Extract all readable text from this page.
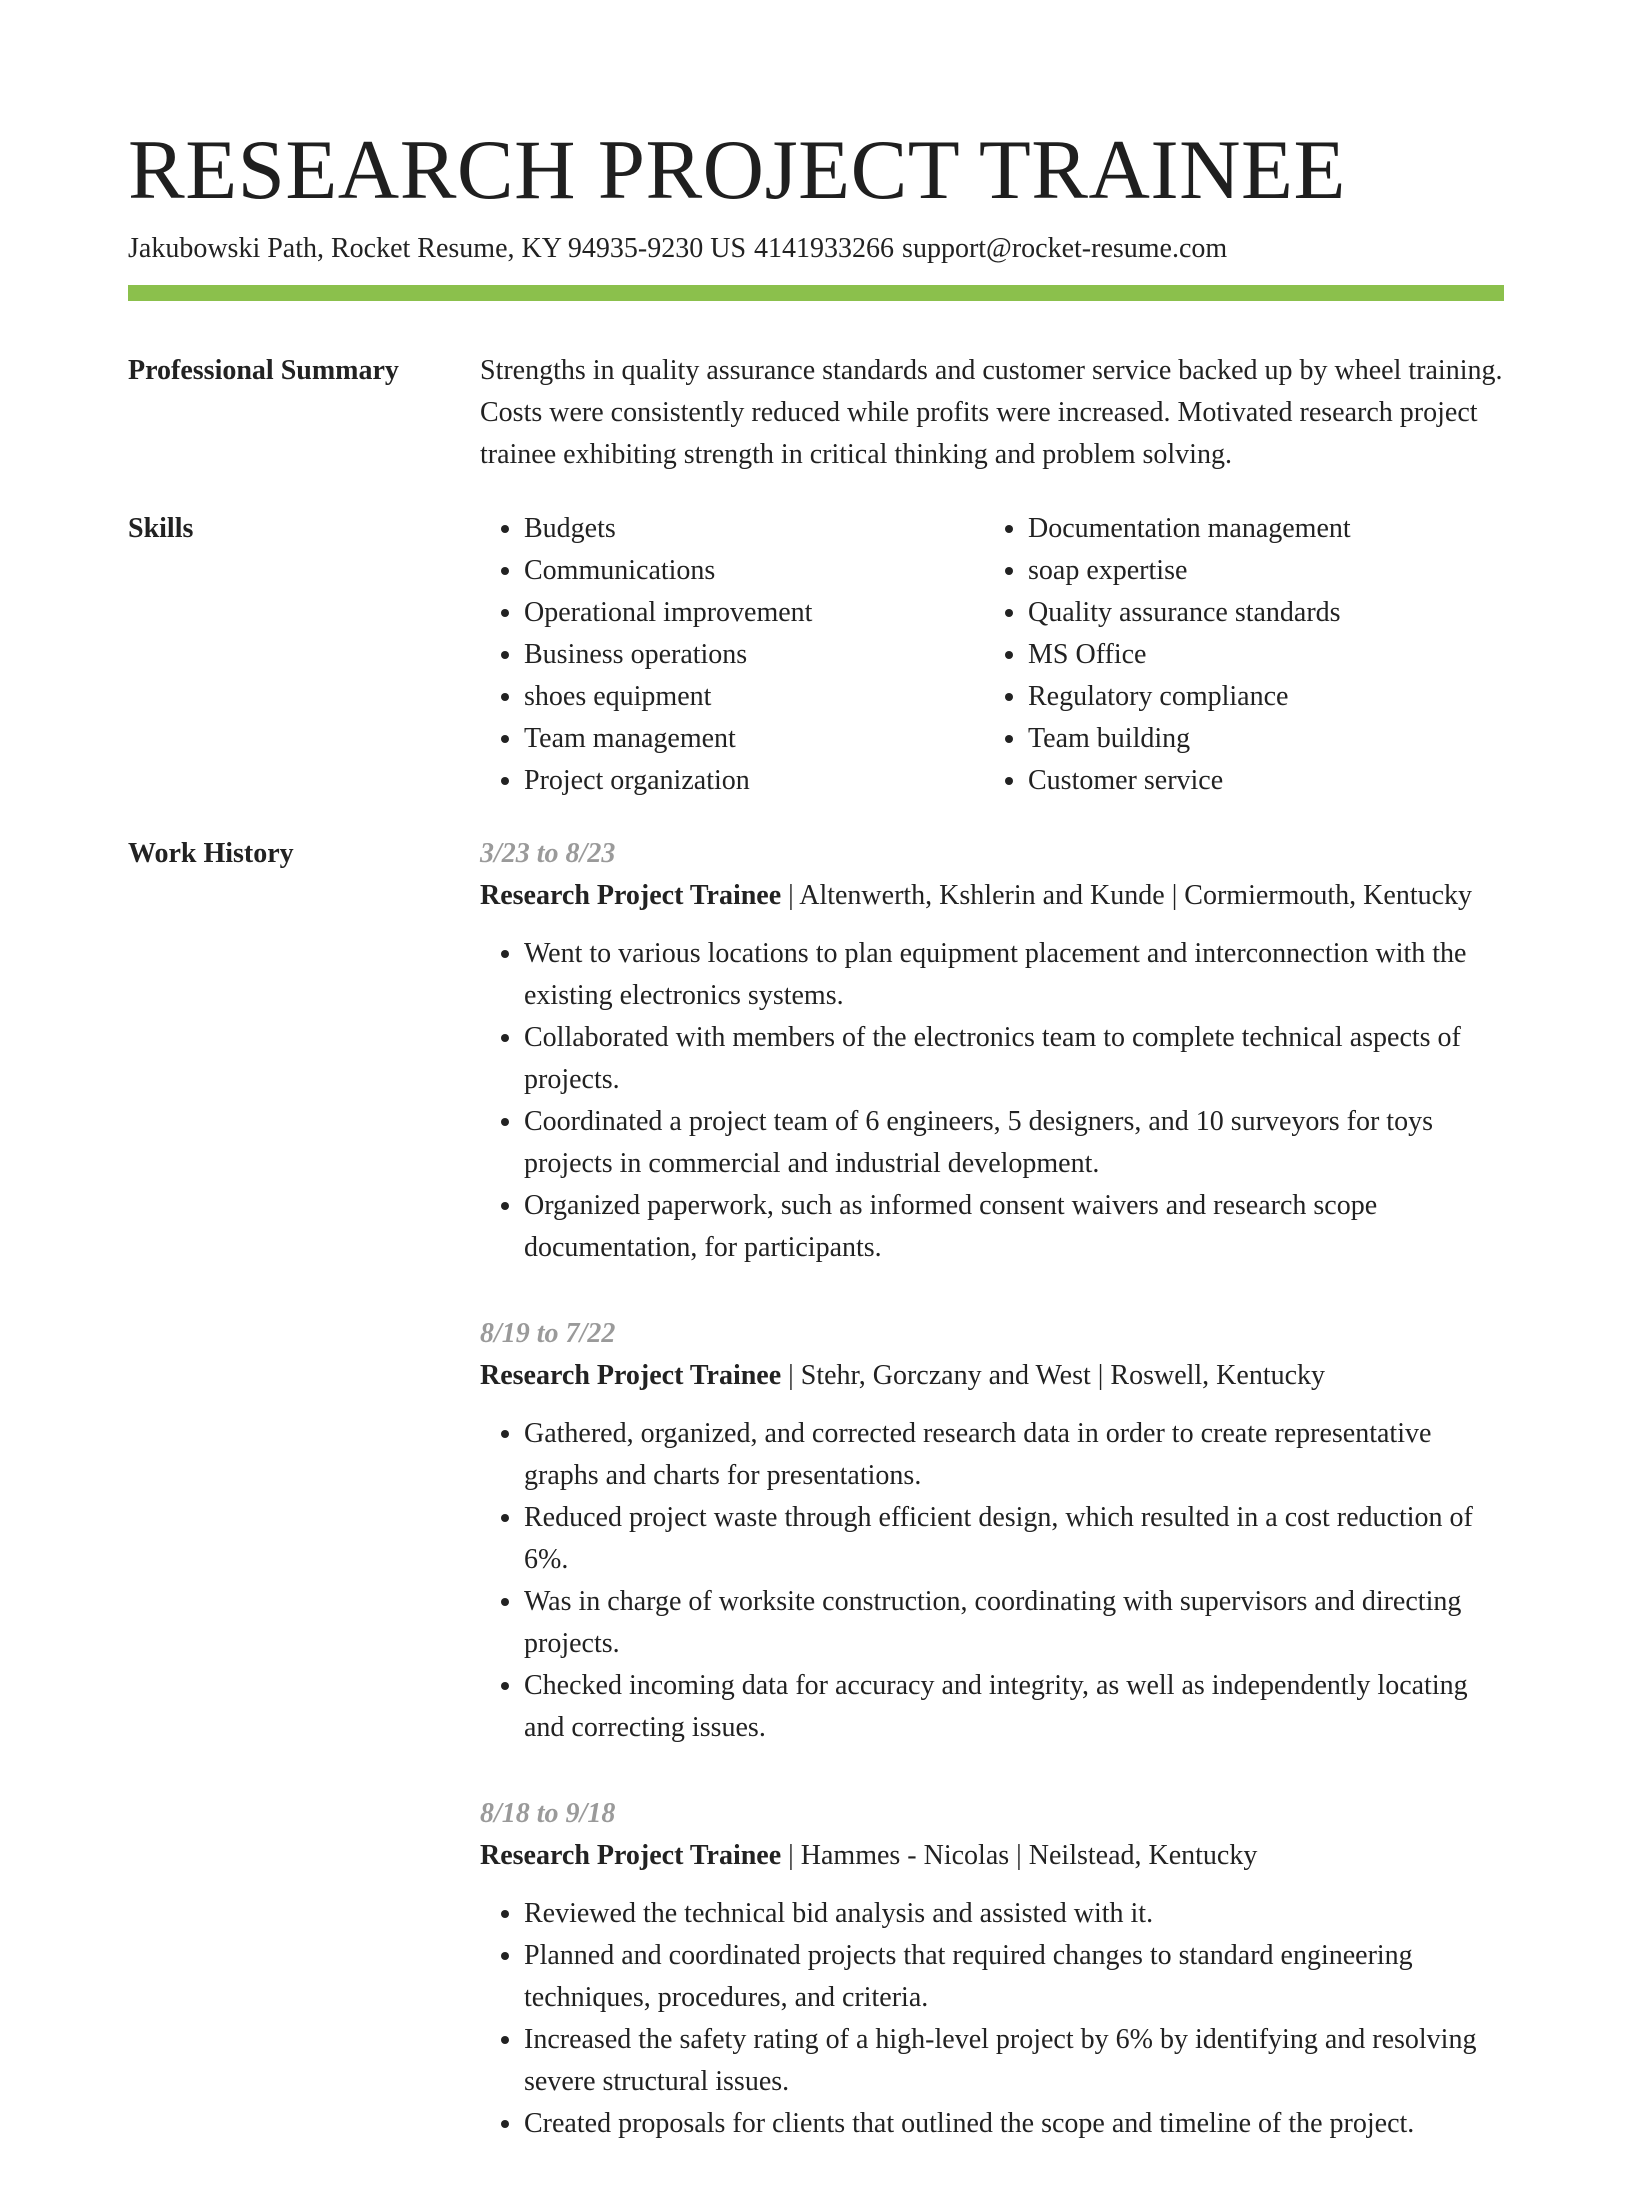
RESEARCH PROJECT TRAINEE
Jakubowski Path, Rocket Resume, KY 94935-9230 US 4141933266 support@rocket-resume.com
Professional Summary	Strengths in quality assurance standards and customer service backed up by wheel training. Costs were consistently reduced while profits were increased. Motivated research project trainee exhibiting strength in critical thinking and problem solving.

Skills
•	Budgets
• Communications
• Operational improvement
• Business operations
• shoes equipment
• Team management
• Project organization
• Documentation management
• soap expertise
• Quality assurance standards
• MS Office
• Regulatory compliance
• Team building
• Customer service
Work History	3/23 to 8/23
Research Project Trainee | Altenwerth, Kshlerin and Kunde | Cormiermouth, Kentucky
• Went to various locations to plan equipment placement and interconnection with the existing electronics systems.
• Collaborated with members of the electronics team to complete technical aspects of projects.
• Coordinated a project team of 6 engineers, 5 designers, and 10 surveyors for toys projects in commercial and industrial development.
• Organized paperwork, such as informed consent waivers and research scope documentation, for participants.
8/19 to 7/22
Research Project Trainee | Stehr, Gorczany and West | Roswell, Kentucky
• Gathered, organized, and corrected research data in order to create representative graphs and charts for presentations.
• Reduced project waste through efficient design, which resulted in a cost reduction of 6%.
• Was in charge of worksite construction, coordinating with supervisors and directing projects.
• Checked incoming data for accuracy and integrity, as well as independently locating and correcting issues.
8/18 to 9/18
Research Project Trainee | Hammes - Nicolas | Neilstead, Kentucky
• Reviewed the technical bid analysis and assisted with it.
• Planned and coordinated projects that required changes to standard engineering techniques, procedures, and criteria.
• Increased the safety rating of a high-level project by 6% by identifying and resolving severe structural issues.
• Created proposals for clients that outlined the scope and timeline of the project.
